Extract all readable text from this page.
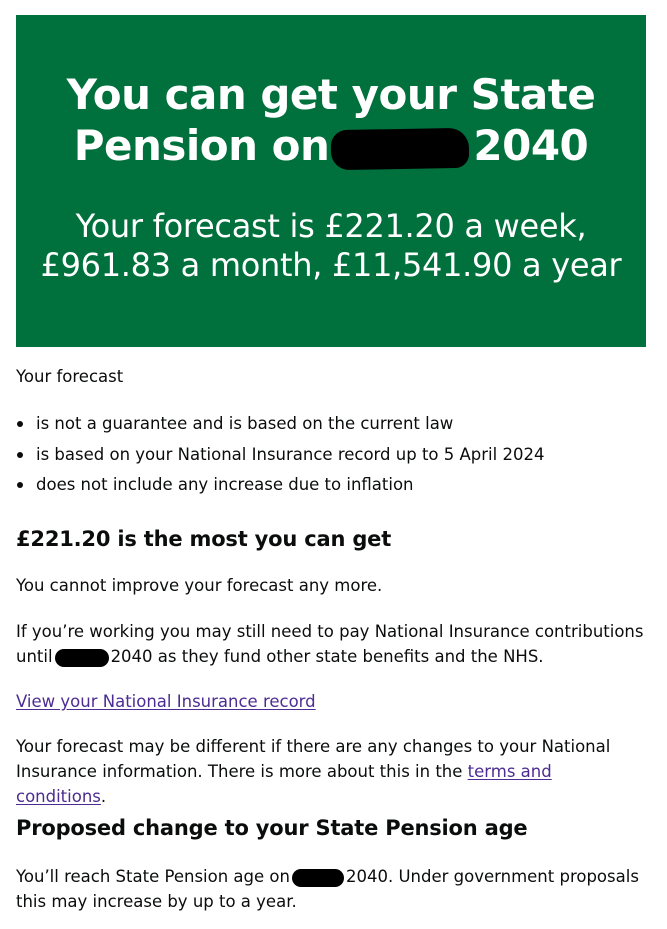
You can get your State
Pension on	2040

Your forecast is £221.20 a week,
£961.83 a month, £11,541.90 a year

Your forecast

is not a guarantee and is based on the current law
is based on your National Insurance record up to 5 April 2024
does not include any increase due to inflation
£221.20 is the most you can get

You cannot improve your forecast any more.

If you’re working you may still need to pay National Insurance contributions
until	2040 as they fund other state benefits and the NHS.

View your National Insurance record

Your forecast may be different if there are any changes to your National
Insurance information. There is more about this in the terms and conditions.

Proposed change to your State Pension age

You’ll reach State Pension age on	2040. Under government proposals
this may increase by up to a year.
